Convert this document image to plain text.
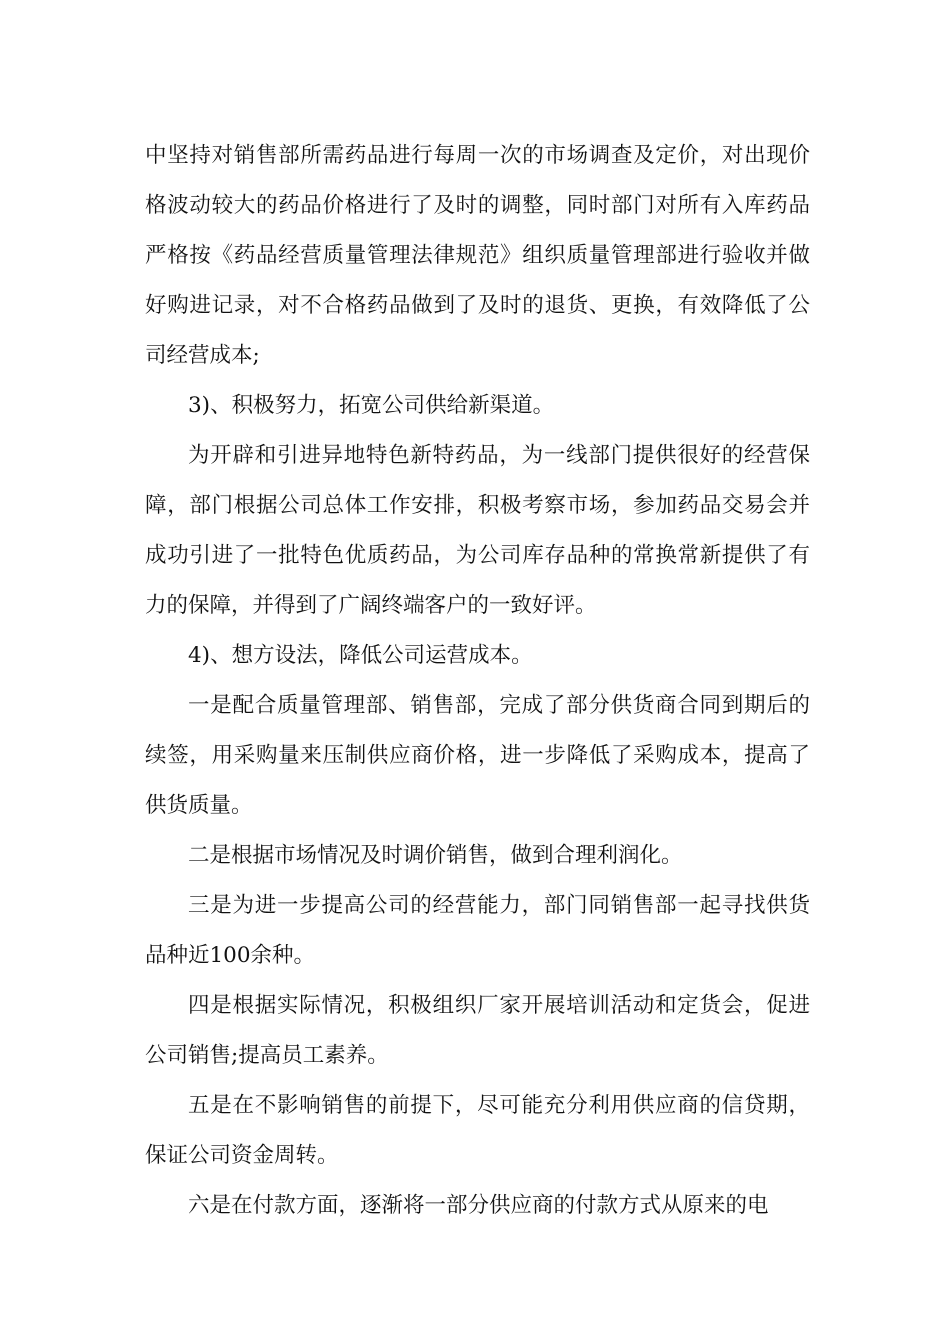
中坚持对销售部所需药品进行每周一次的市场调查及定价，对出现价格波动较大的药品价格进行了及时的调整，同时部门对所有入库药品严格按《药品经营质量管理法律规范》组织质量管理部进行验收并做好购进记录，对不合格药品做到了及时的退货、更换，有效降低了公司经营成本;

3)、积极努力，拓宽公司供给新渠道。

为开辟和引进异地特色新特药品，为一线部门提供很好的经营保障，部门根据公司总体工作安排，积极考察市场，参加药品交易会并成功引进了一批特色优质药品，为公司库存品种的常换常新提供了有力的保障，并得到了广阔终端客户的一致好评。

4)、想方设法，降低公司运营成本。

一是配合质量管理部、销售部，完成了部分供货商合同到期后的续签，用采购量来压制供应商价格，进一步降低了采购成本，提高了供货质量。

二是根据市场情况及时调价销售，做到合理利润化。

三是为进一步提高公司的经营能力，部门同销售部一起寻找供货品种近100余种。

四是根据实际情况，积极组织厂家开展培训活动和定货会，促进公司销售;提高员工素养。

五是在不影响销售的前提下，尽可能充分利用供应商的信贷期，保证公司资金周转。

六是在付款方面，逐渐将一部分供应商的付款方式从原来的电
